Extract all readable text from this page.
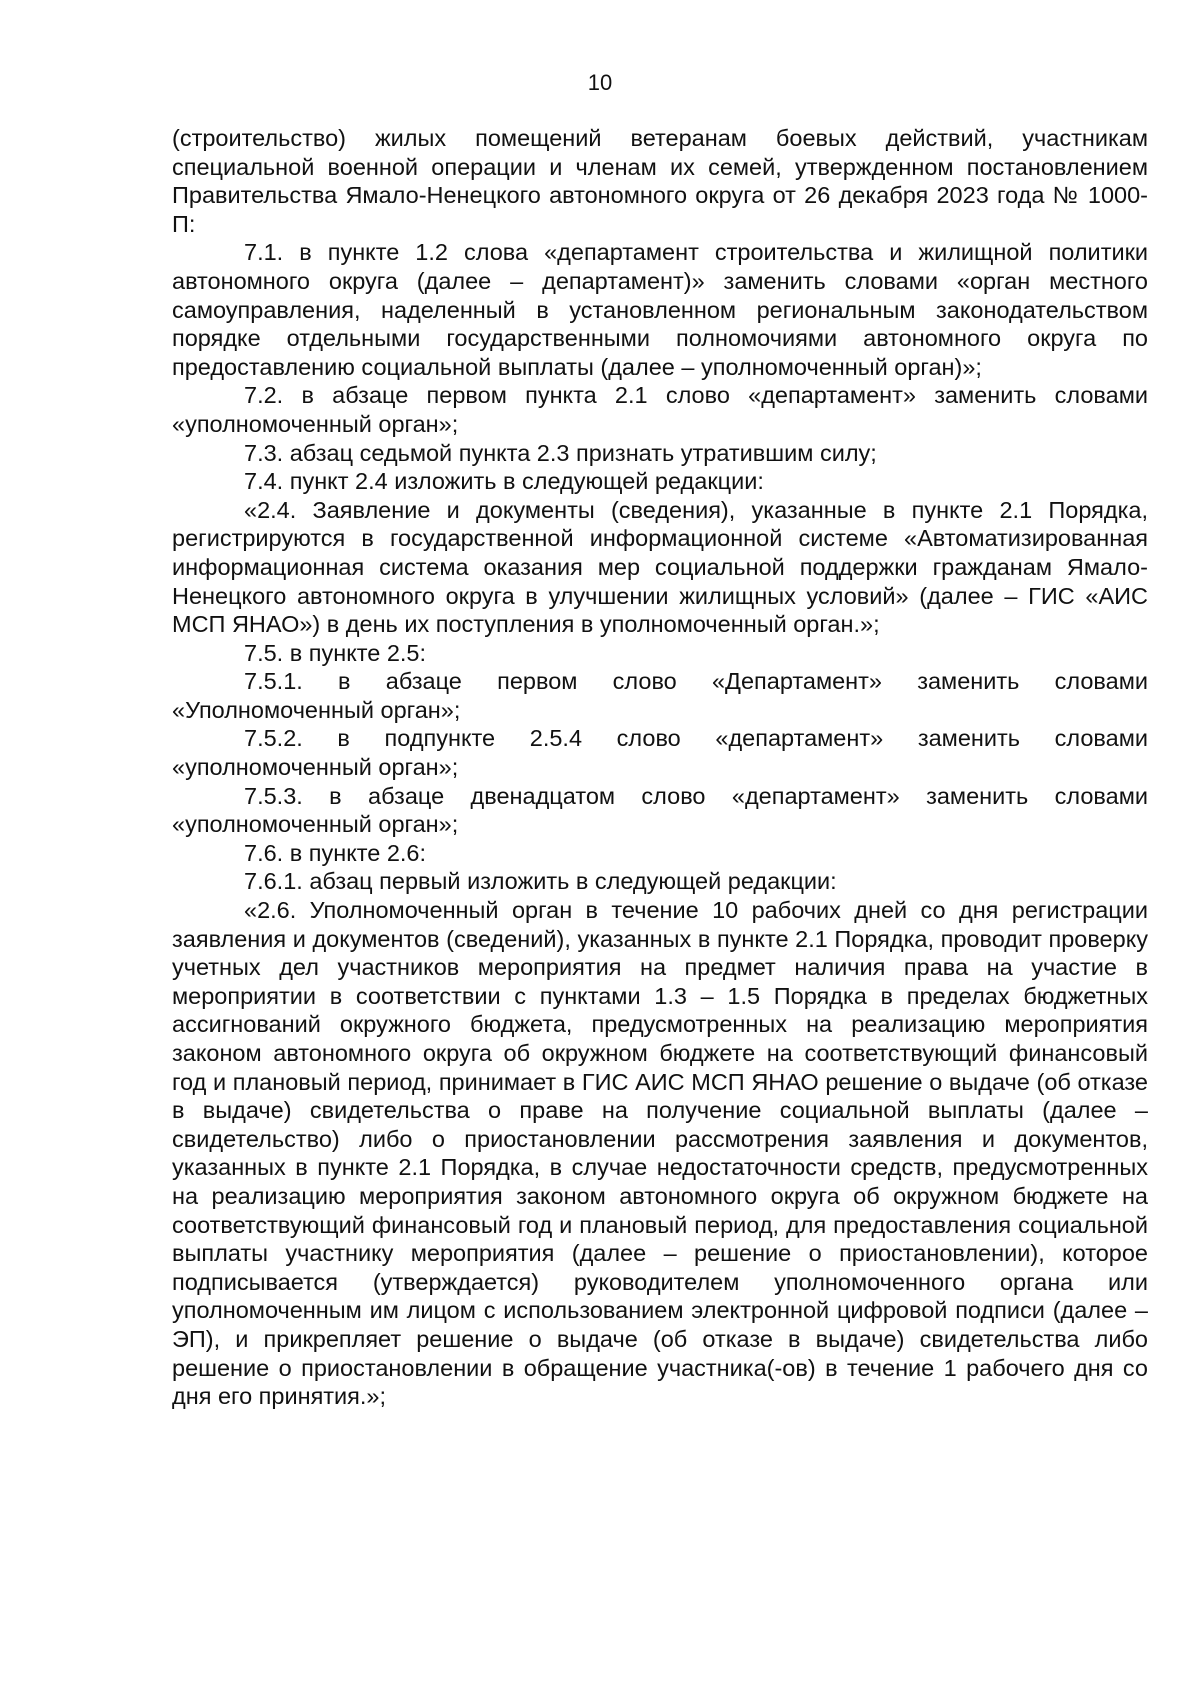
10

(строительство) жилых помещений ветеранам боевых действий, участникам специальной военной операции и членам их семей, утвержденном постановлением Правительства Ямало-Ненецкого автономного округа от 26 декабря 2023 года № 1000-П:

7.1. в пункте 1.2 слова «департамент строительства и жилищной политики автономного округа (далее – департамент)» заменить словами «орган местного самоуправления, наделенный в установленном региональным законодательством порядке отдельными государственными полномочиями автономного округа по предоставлению социальной выплаты (далее – уполномоченный орган)»;

7.2. в абзаце первом пункта 2.1 слово «департамент» заменить словами «уполномоченный орган»;

7.3. абзац седьмой пункта 2.3 признать утратившим силу;

7.4. пункт 2.4 изложить в следующей редакции:

«2.4. Заявление и документы (сведения), указанные в пункте 2.1 Порядка, регистрируются в государственной информационной системе «Автоматизированная информационная система оказания мер социальной поддержки гражданам Ямало-Ненецкого автономного округа в улучшении жилищных условий» (далее – ГИС «АИС МСП ЯНАО») в день их поступления в уполномоченный орган.»;

7.5. в пункте 2.5:

7.5.1. в абзаце первом слово «Департамент» заменить словами «Уполномоченный орган»;

7.5.2. в подпункте 2.5.4 слово «департамент» заменить словами «уполномоченный орган»;

7.5.3. в абзаце двенадцатом слово «департамент» заменить словами «уполномоченный орган»;

7.6. в пункте 2.6:

7.6.1. абзац первый изложить в следующей редакции:

«2.6. Уполномоченный орган в течение 10 рабочих дней со дня регистрации заявления и документов (сведений), указанных в пункте 2.1 Порядка, проводит проверку учетных дел участников мероприятия на предмет наличия права на участие в мероприятии в соответствии с пунктами 1.3 – 1.5 Порядка в пределах бюджетных ассигнований окружного бюджета, предусмотренных на реализацию мероприятия законом автономного округа об окружном бюджете на соответствующий финансовый год и плановый период, принимает в ГИС АИС МСП ЯНАО решение о выдаче (об отказе в выдаче) свидетельства о праве на получение социальной выплаты (далее – свидетельство) либо о приостановлении рассмотрения заявления и документов, указанных в пункте 2.1 Порядка, в случае недостаточности средств, предусмотренных на реализацию мероприятия законом автономного округа об окружном бюджете на соответствующий финансовый год и плановый период, для предоставления социальной выплаты участнику мероприятия (далее – решение о приостановлении), которое подписывается (утверждается) руководителем уполномоченного органа или уполномоченным им лицом с использованием электронной цифровой подписи (далее – ЭП), и прикрепляет решение о выдаче (об отказе в выдаче) свидетельства либо решение о приостановлении в обращение участника(-ов) в течение 1 рабочего дня со дня его принятия.»;
